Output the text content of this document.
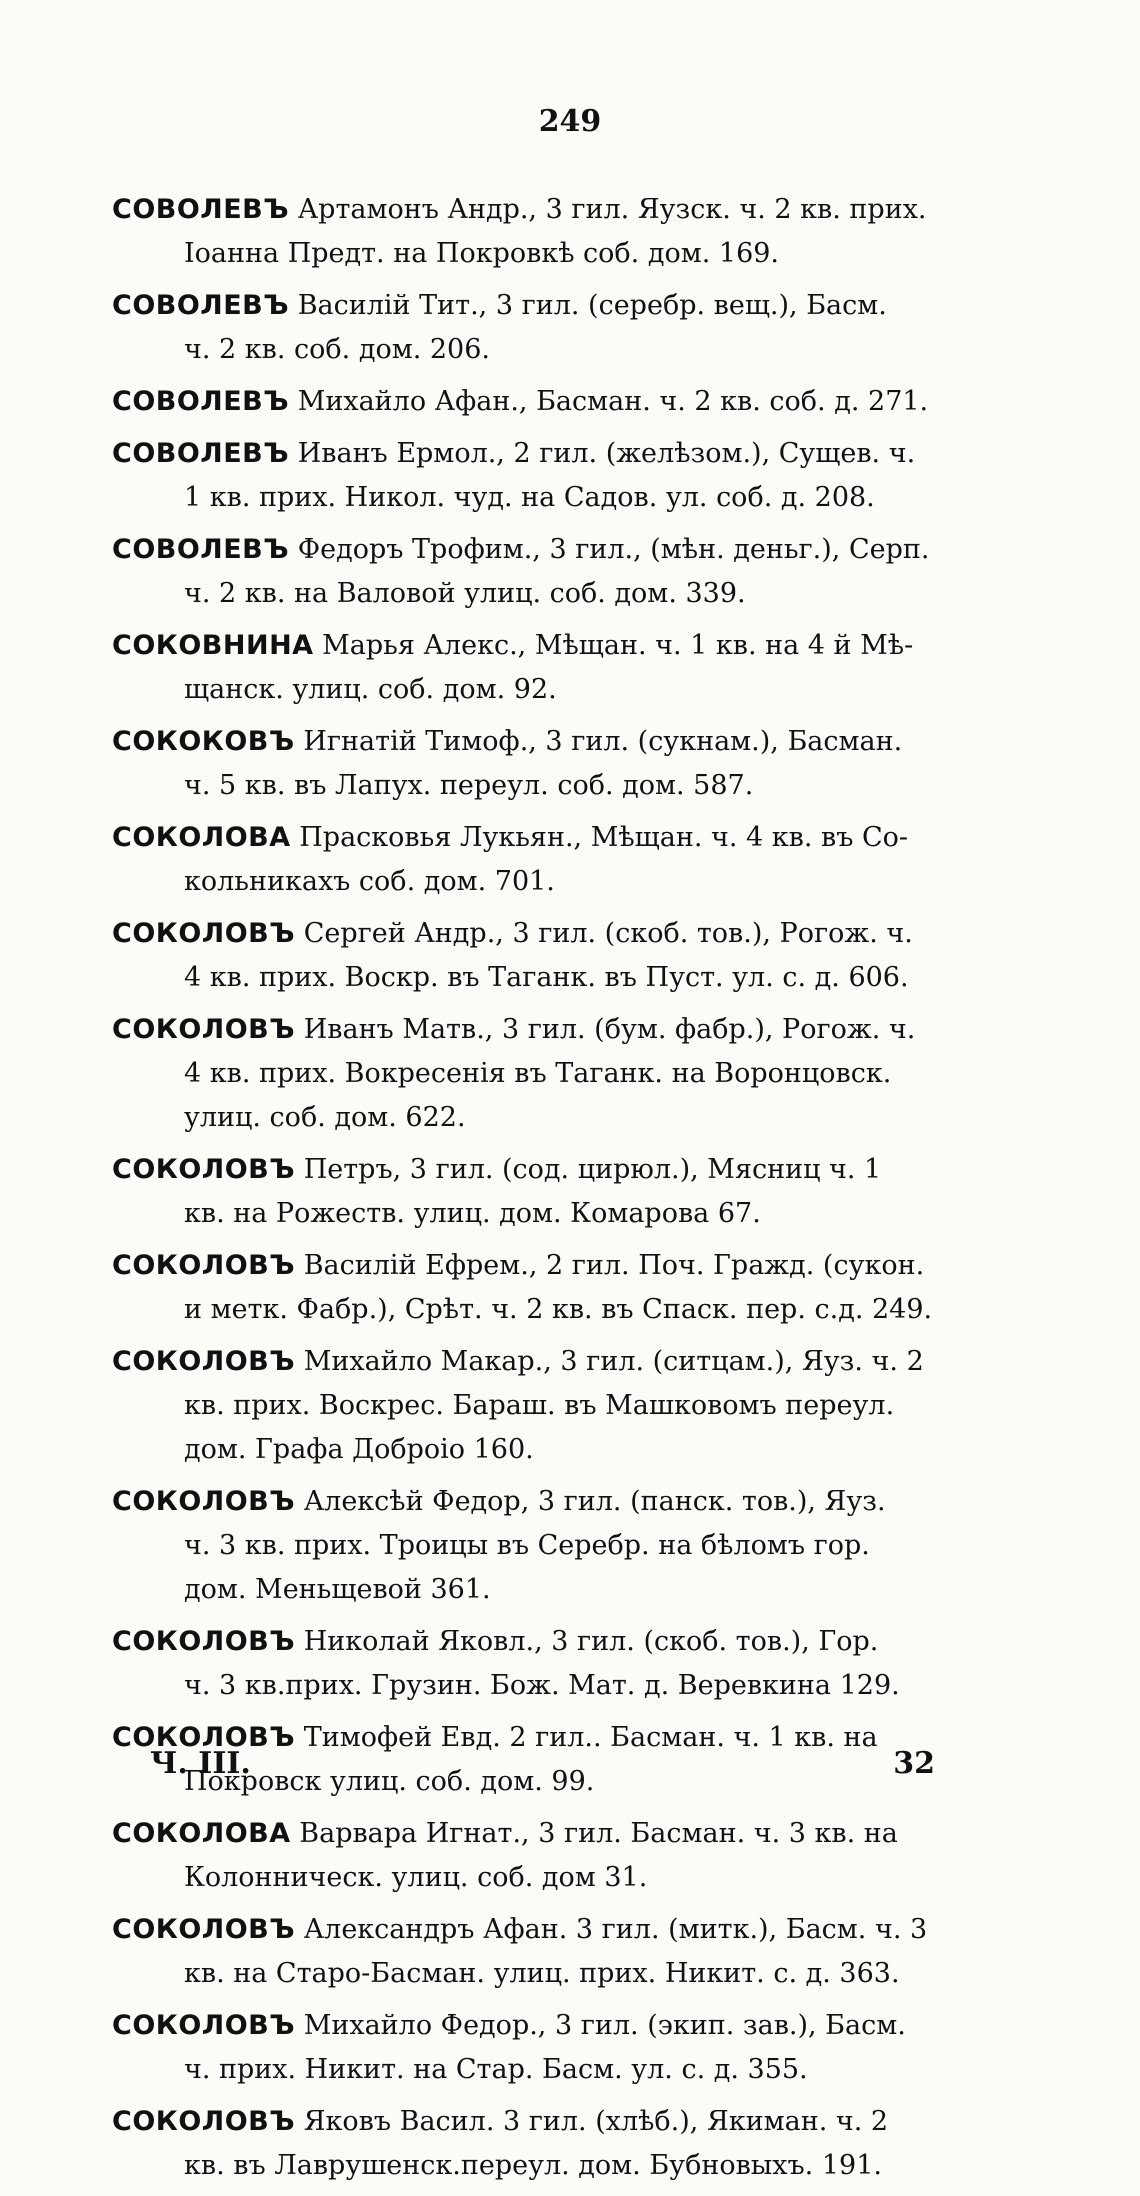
249
СОВОЛЕВЪ Артамонъ Андр., 3 гил. Яузск. ч. 2 кв. прих.
Іоанна Предт. на Покровкѣ соб. дом. 169.
СОВОЛЕВЪ Василій Тит., 3 гил. (серебр. вещ.), Басм.
ч. 2 кв. соб. дом. 206.
СОВОЛЕВЪ Михайло Афан., Басман. ч. 2 кв. соб. д. 271.
СОВОЛЕВЪ Иванъ Ермол., 2 гил. (желѣзом.), Сущев. ч.
1 кв. прих. Никол. чуд. на Садов. ул. соб. д. 208.
СОВОЛЕВЪ Федоръ Трофим., 3 гил., (мѣн. деньг.), Серп.
ч. 2 кв. на Валовой улиц. соб. дом. 339.
СОКОВНИНА Марья Алекс., Мѣщан. ч. 1 кв. на 4 й Мѣ-
щанск. улиц. соб. дом. 92.
СОКОКОВЪ Игнатій Тимоф., 3 гил. (сукнам.), Басман.
ч. 5 кв. въ Лапух. переул. соб. дом. 587.
СОКОЛОВА Прасковья Лукьян., Мѣщан. ч. 4 кв. въ Со-
кольникахъ соб. дом. 701.
СОКОЛОВЪ Сергей Андр., 3 гил. (скоб. тов.), Рогож. ч.
4 кв. прих. Воскр. въ Таганк. въ Пуст. ул. с. д. 606.
СОКОЛОВЪ Иванъ Матв., 3 гил. (бум. фабр.), Рогож. ч.
4 кв. прих. Вокресенія въ Таганк. на Воронцовск.
улиц. соб. дом. 622.
СОКОЛОВЪ Петръ, 3 гил. (сод. цирюл.), Мясниц ч. 1
кв. на Рожеств. улиц. дом. Комарова 67.
СОКОЛОВЪ Василій Ефрем., 2 гил. Поч. Гражд. (сукон.
и метк. Фабр.), Срѣт. ч. 2 кв. въ Спаск. пер. с.д. 249.
СОКОЛОВЪ Михайло Макар., 3 гил. (ситцам.), Яуз. ч. 2
кв. прих. Воскрес. Бараш. въ Машковомъ переул.
дом. Графа Доброіо 160.
СОКОЛОВЪ Алексѣй Федор, 3 гил. (панск. тов.), Яуз.
ч. 3 кв. прих. Троицы въ Серебр. на бѣломъ гор.
дом. Меньщевой 361.
СОКОЛОВЪ Николай Яковл., 3 гил. (скоб. тов.), Гор.
ч. 3 кв.прих. Грузин. Бож. Мат. д. Веревкина 129.
СОКОЛОВЪ Тимофей Евд. 2 гил.. Басман. ч. 1 кв. на
Покровск улиц. соб. дом. 99.
СОКОЛОВА Варвара Игнат., 3 гил. Басман. ч. 3 кв. на
Колонническ. улиц. соб. дом 31.
СОКОЛОВЪ Александръ Афан. 3 гил. (митк.), Басм. ч. 3
кв. на Старо-Басман. улиц. прих. Никит. с. д. 363.
СОКОЛОВЪ Михайло Федор., 3 гил. (экип. зав.), Басм.
ч. прих. Никит. на Стар. Басм. ул. с. д. 355.
СОКОЛОВЪ Яковъ Васил. 3 гил. (хлѣб.), Якиман. ч. 2
кв. въ Лаврушенск.переул. дом. Бубновыхъ. 191.
Ч. III.	32
